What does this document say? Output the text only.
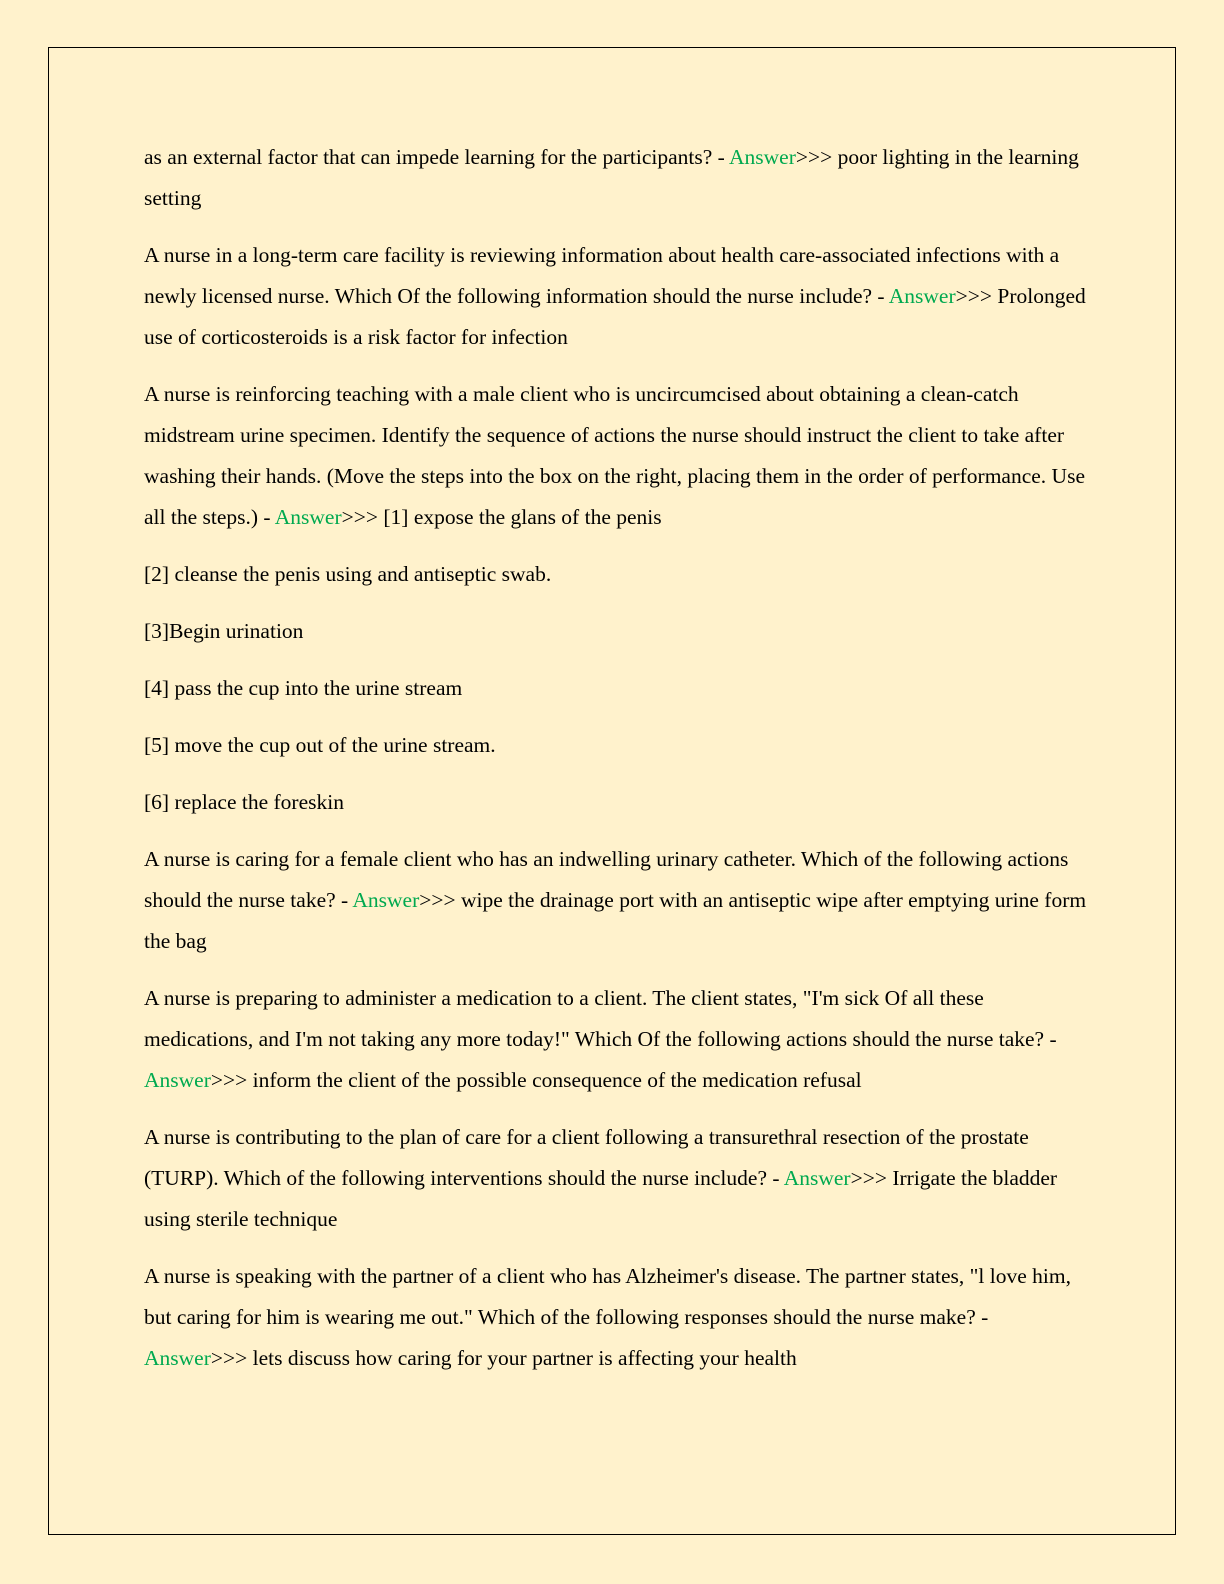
as an external factor that can impede learning for the participants? - Answer>>> poor lighting in the learning setting

A nurse in a long-term care facility is reviewing information about health care-associated infections with a newly licensed nurse. Which Of the following information should the nurse include? - Answer>>> Prolonged use of corticosteroids is a risk factor for infection

A nurse is reinforcing teaching with a male client who is uncircumcised about obtaining a clean-catch midstream urine specimen. Identify the sequence of actions the nurse should instruct the client to take after washing their hands. (Move the steps into the box on the right, placing them in the order of performance. Use all the steps.) - Answer>>> [1] expose the glans of the penis

[2] cleanse the penis using and antiseptic swab.

[3]Begin urination

[4] pass the cup into the urine stream

[5] move the cup out of the urine stream.

[6] replace the foreskin

A nurse is caring for a female client who has an indwelling urinary catheter. Which of the following actions should the nurse take? - Answer>>> wipe the drainage port with an antiseptic wipe after emptying urine form the bag

A nurse is preparing to administer a medication to a client. The client states, "I'm sick Of all these medications, and I'm not taking any more today!" Which Of the following actions should the nurse take? - Answer>>> inform the client of the possible consequence of the medication refusal

A nurse is contributing to the plan of care for a client following a transurethral resection of the prostate (TURP). Which of the following interventions should the nurse include? - Answer>>> Irrigate the bladder using sterile technique

A nurse is speaking with the partner of a client who has Alzheimer's disease. The partner states, "l love him, but caring for him is wearing me out." Which of the following responses should the nurse make? - Answer>>> lets discuss how caring for your partner is affecting your health
